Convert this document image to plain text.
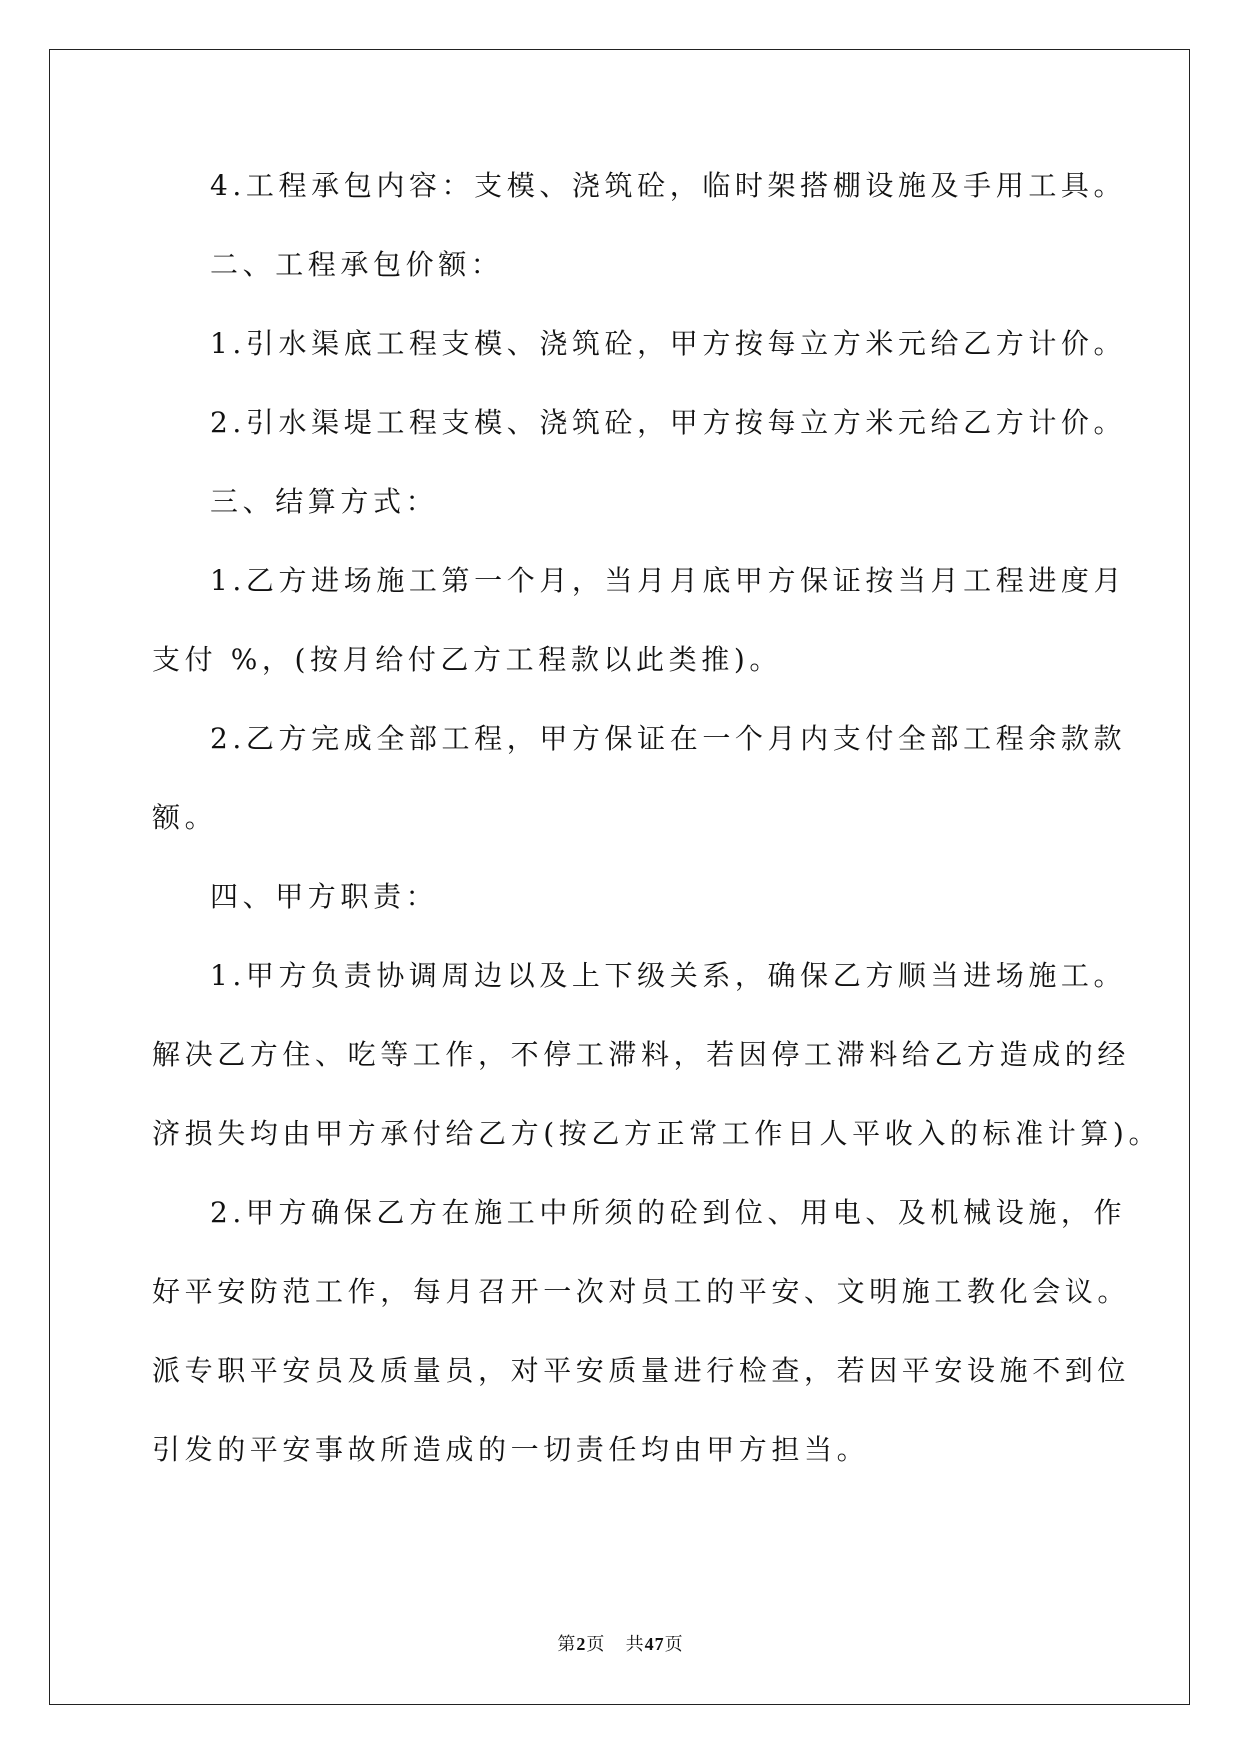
4.工程承包内容：支模、浇筑砼，临时架搭棚设施及手用工具。
二、工程承包价额：
1.引水渠底工程支模、浇筑砼，甲方按每立方米元给乙方计价。
2.引水渠堤工程支模、浇筑砼，甲方按每立方米元给乙方计价。
三、结算方式：
1.乙方进场施工第一个月，当月月底甲方保证按当月工程进度月
支付 %，(按月给付乙方工程款以此类推)。
2.乙方完成全部工程，甲方保证在一个月内支付全部工程余款款
额。
四、甲方职责：
1.甲方负责协调周边以及上下级关系，确保乙方顺当进场施工。
解决乙方住、吃等工作，不停工滞料，若因停工滞料给乙方造成的经
济损失均由甲方承付给乙方(按乙方正常工作日人平收入的标准计算)。
2.甲方确保乙方在施工中所须的砼到位、用电、及机械设施，作
好平安防范工作，每月召开一次对员工的平安、文明施工教化会议。
派专职平安员及质量员，对平安质量进行检查，若因平安设施不到位
引发的平安事故所造成的一切责任均由甲方担当。
第2页 共47页
